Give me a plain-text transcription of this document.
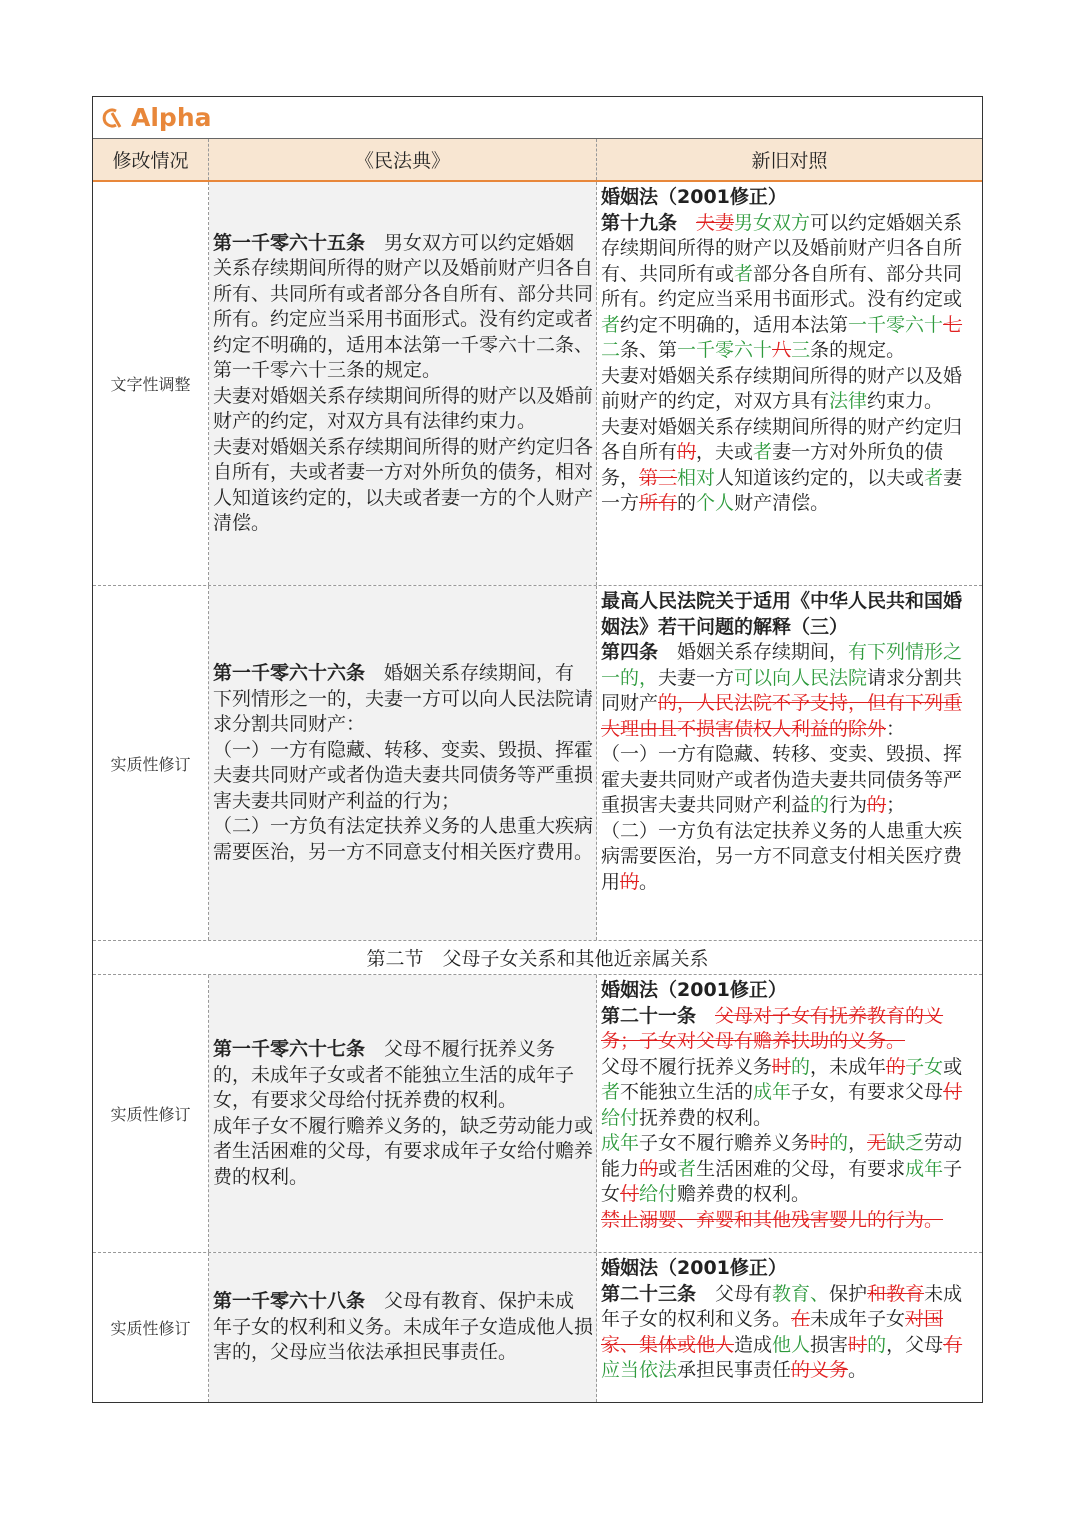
Alpha
修改情况	《民法典》	新旧对照
文字性调整
第一千零六十五条　男女双方可以约定婚姻关系存续期间所得的财产以及婚前财产归各自所有、共同所有或者部分各自所有、部分共同所有。约定应当采用书面形式。没有约定或者约定不明确的，适用本法第一千零六十二条、第一千零六十三条的规定。
夫妻对婚姻关系存续期间所得的财产以及婚前财产的约定，对双方具有法律约束力。
夫妻对婚姻关系存续期间所得的财产约定归各自所有，夫或者妻一方对外所负的债务，相对人知道该约定的，以夫或者妻一方的个人财产清偿。
婚姻法（2001修正）
第十九条　 夫妻男女双方可以约定婚姻关系存续期间所得的财产以及婚前财产归各自所有、共同所有或者部分各自所有、部分共同所有。约定应当采用书面形式。没有约定或者约定不明确的，适用本法第一千零六十七二条、第一千零六十八三条的规定。
夫妻对婚姻关系存续期间所得的财产以及婚前财产的约定，对双方具有法律约束力。
夫妻对婚姻关系存续期间所得的财产约定归各自所有的，夫或者妻一方对外所负的债务，第三相对人知道该约定的，以夫或者妻一方所有的个人财产清偿。
实质性修订
第一千零六十六条　婚姻关系存续期间，有下列情形之一的，夫妻一方可以向人民法院请求分割共同财产：
（一）一方有隐藏、转移、变卖、毁损、挥霍夫妻共同财产或者伪造夫妻共同债务等严重损害夫妻共同财产利益的行为；
（二）一方负有法定扶养义务的人患重大疾病需要医治，另一方不同意支付相关医疗费用。
最高人民法院关于适用《中华人民共和国婚姻法》若干问题的解释（三）
第四条　婚姻关系存续期间，有下列情形之一的，夫妻一方可以向人民法院请求分割共同财产的，人民法院不予支持，但有下列重大理由且不损害债权人利益的除外：
（一）一方有隐藏、转移、变卖、毁损、挥霍夫妻共同财产或者伪造夫妻共同债务等严重损害夫妻共同财产利益的行为的；
（二）一方负有法定扶养义务的人患重大疾病需要医治，另一方不同意支付相关医疗费用的。
第二节　父母子女关系和其他近亲属关系
实质性修订
第一千零六十七条　父母不履行抚养义务的，未成年子女或者不能独立生活的成年子女，有要求父母给付抚养费的权利。
成年子女不履行赡养义务的，缺乏劳动能力或者生活困难的父母，有要求成年子女给付赡养费的权利。
婚姻法（2001修正）
第二十一条　 父母对子女有抚养教育的义务；子女对父母有赡养扶助的义务。
父母不履行抚养义务时的，未成年的子女或者不能独立生活的成年子女，有要求父母付给付抚养费的权利。
成年子女不履行赡养义务时的，无缺乏劳动能力的或者生活困难的父母，有要求成年子女付给付赡养费的权利。
禁止溺婴、弃婴和其他残害婴儿的行为。
实质性修订
第一千零六十八条　父母有教育、保护未成年子女的权利和义务。未成年子女造成他人损害的，父母应当依法承担民事责任。
婚姻法（2001修正）
第二十三条　父母有教育、保护和教育未成年子女的权利和义务。在未成年子女对国家、集体或他人造成他人损害时的，父母有应当依法承担民事责任的义务。
